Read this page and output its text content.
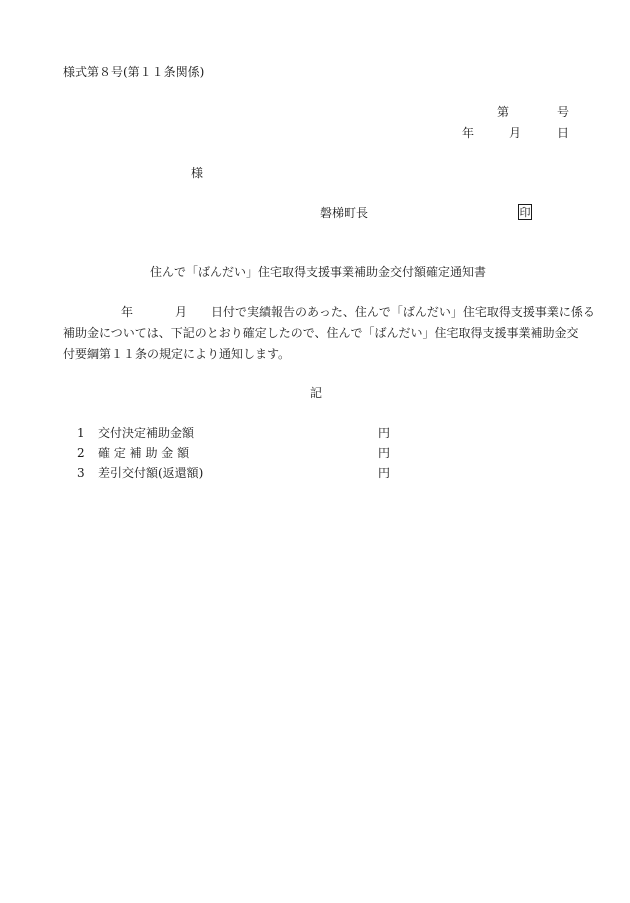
様式第８号(第１１条関係)
第	号
年	月	日
様
磐梯町長	印
住んで「ばんだい」住宅取得支援事業補助金交付額確定通知書
年	月 日付で実績報告のあった、住んで「ばんだい」住宅取得支援事業に係る
補助金については、下記のとおり確定したので、住んで「ばんだい」住宅取得支援事業補助金交
付要綱第１１条の規定により通知します。
記
1 交付決定補助金額	円
2 確 定 補 助 金 額	円
3 差引交付額(返還額)	円
